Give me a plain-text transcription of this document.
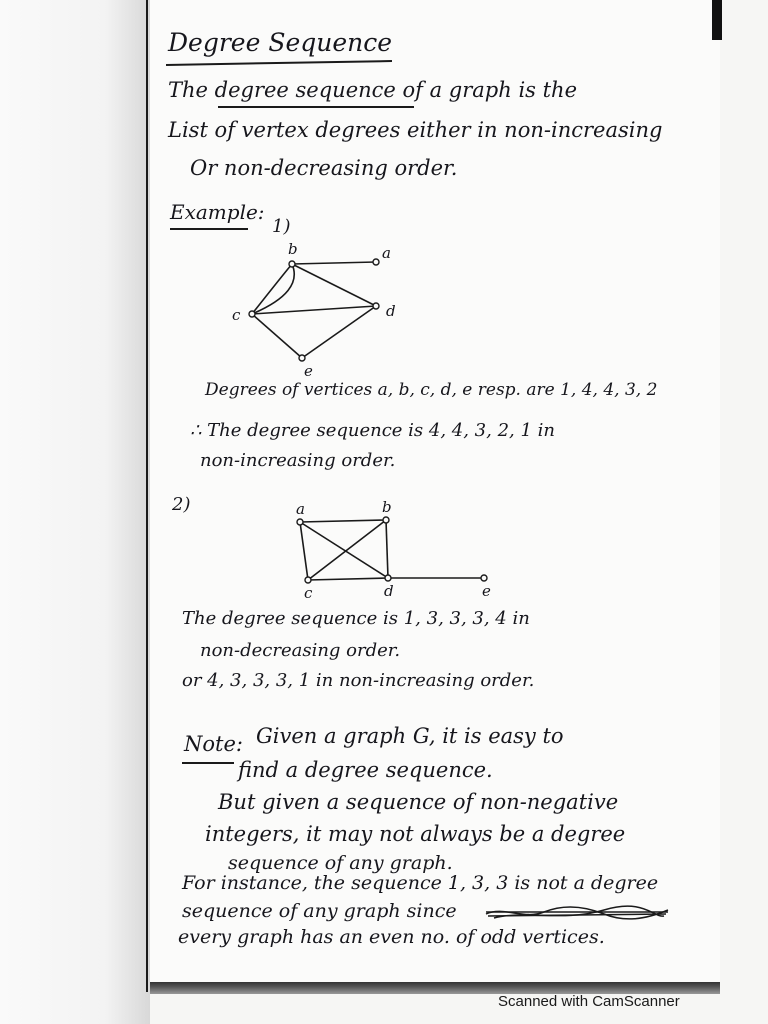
Degree Sequence

The degree sequence of a graph is the

List of vertex degrees either in non-increasing

Or non-decreasing order.

Example:

1)

b	a
c	d
e

Degrees of vertices a, b, c, d, e resp. are 1, 4, 4, 3, 2

∴ The degree sequence is 4, 4, 3, 2, 1 in

non-increasing order.

2)	a	b
c	d	e

The degree sequence is 1, 3, 3, 3, 4 in

non-decreasing order.

or 4, 3, 3, 3, 1 in non-increasing order.

Note: Given a graph G, it is easy to

find a degree sequence.

But given a sequence of non-negative

integers, it may not always be a degree

sequence of any graph.

For instance, the sequence 1, 3, 3 is not a degree

sequence of any graph since

every graph has an even no. of odd vertices.

Scanned with CamScanner
